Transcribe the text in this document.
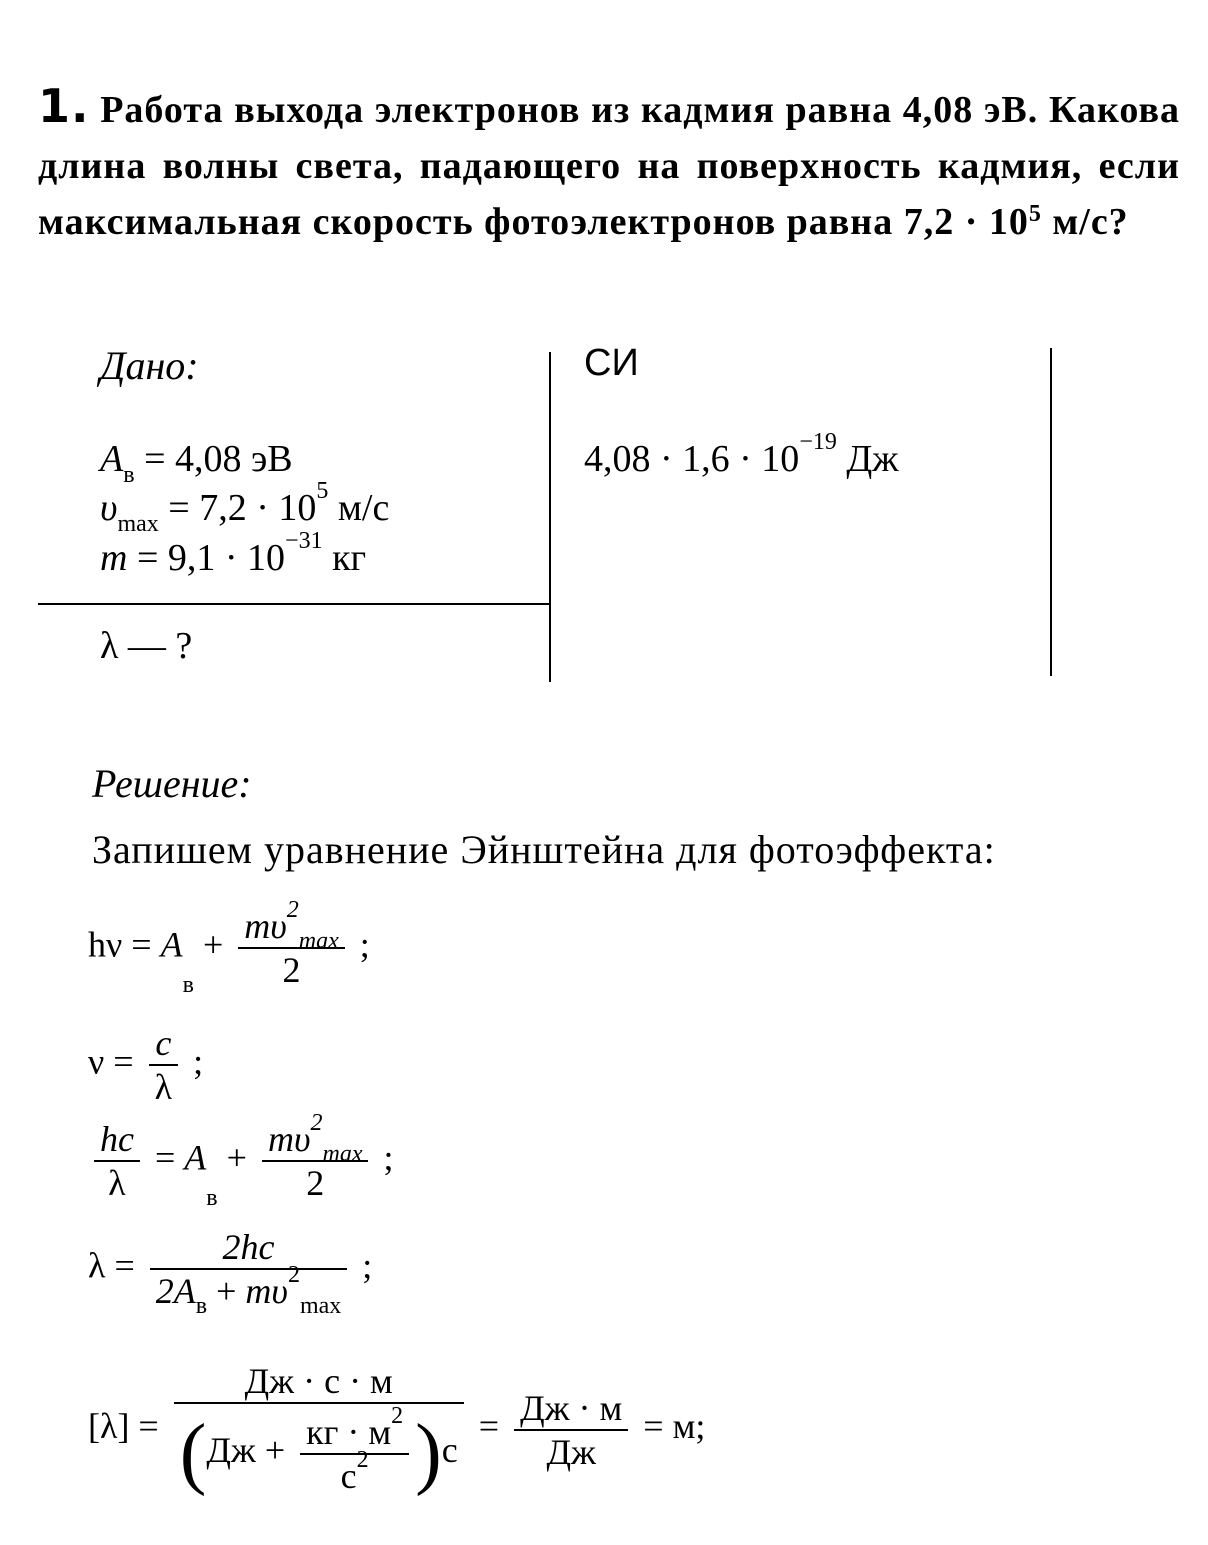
1. Работа выхода электронов из кадмия равна 4,08 эВ. Какова длина волны света, падающего на поверхность кадмия, если максимальная скорость фотоэлектронов равна $7,2 \cdot 10^5$ м/с?
Дано:
$A_в = 4,08$ эВ
$\upsilon_{max} = 7,2 \cdot 10^5$ м/с
$m = 9,1 \cdot 10^{-31}$ кг
λ — ?
СИ
$4,08 \cdot 1,6 \cdot 10^{-19}$ Дж
Решение:
Запишем уравнение Эйнштейна для фотоэффекта:
$h\nu = A_в + \frac{m\upsilon^2_{max}}{2}$ ;
$\nu = \frac{c}{\lambda}$ ;
$\frac{hc}{\lambda} = A_в + \frac{m\upsilon^2_{max}}{2}$ ;
$\lambda = \frac{2hc}{2A_в + m\upsilon^2_{max}}$ ;
$[\lambda] = \frac{Дж \cdot с \cdot м}{(Дж + \frac{кг \cdot м^2}{с^2} )с} = \frac{Дж \cdot м}{Дж} = м$;
